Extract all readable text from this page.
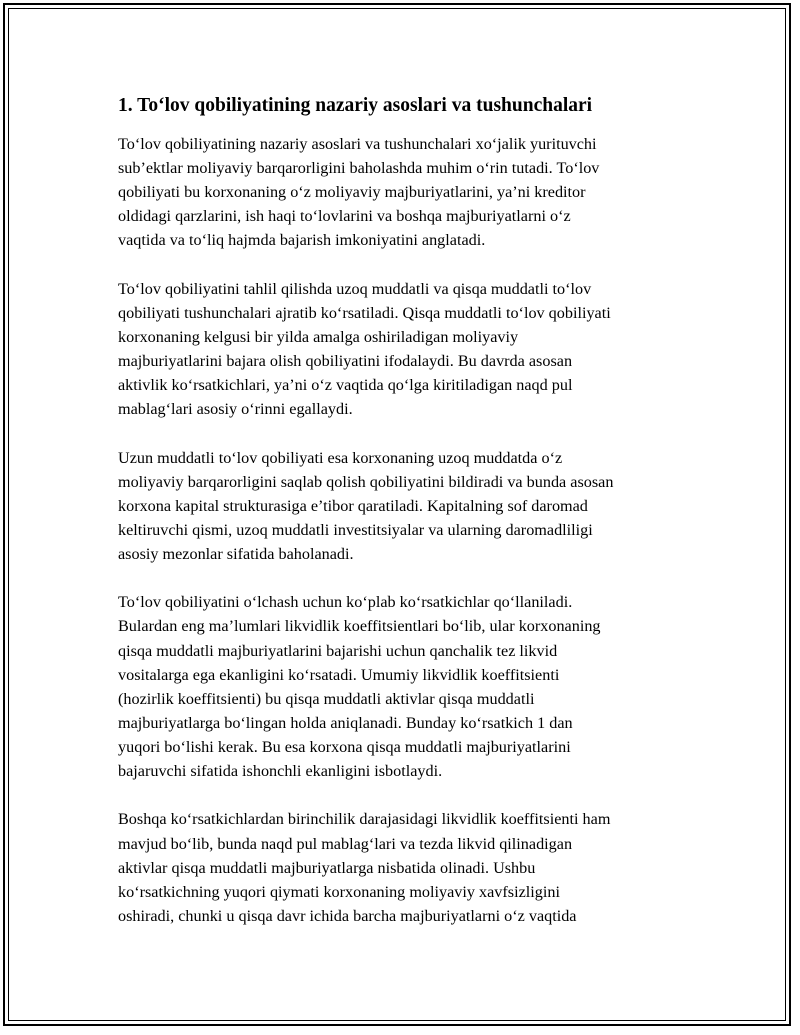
1. To‘lov qobiliyatining nazariy asoslari va tushunchalari
To‘lov qobiliyatining nazariy asoslari va tushunchalari xo‘jalik yurituvchi
sub’ektlar moliyaviy barqarorligini baholashda muhim o‘rin tutadi. To‘lov
qobiliyati bu korxonaning o‘z moliyaviy majburiyatlarini, ya’ni kreditor
oldidagi qarzlarini, ish haqi to‘lovlarini va boshqa majburiyatlarni o‘z
vaqtida va to‘liq hajmda bajarish imkoniyatini anglatadi.
To‘lov qobiliyatini tahlil qilishda uzoq muddatli va qisqa muddatli to‘lov
qobiliyati tushunchalari ajratib ko‘rsatiladi. Qisqa muddatli to‘lov qobiliyati
korxonaning kelgusi bir yilda amalga oshiriladigan moliyaviy
majburiyatlarini bajara olish qobiliyatini ifodalaydi. Bu davrda asosan
aktivlik ko‘rsatkichlari, ya’ni o‘z vaqtida qo‘lga kiritiladigan naqd pul
mablag‘lari asosiy o‘rinni egallaydi.
Uzun muddatli to‘lov qobiliyati esa korxonaning uzoq muddatda o‘z
moliyaviy barqarorligini saqlab qolish qobiliyatini bildiradi va bunda asosan
korxona kapital strukturasiga e’tibor qaratiladi. Kapitalning sof daromad
keltiruvchi qismi, uzoq muddatli investitsiyalar va ularning daromadliligi
asosiy mezonlar sifatida baholanadi.
To‘lov qobiliyatini o‘lchash uchun ko‘plab ko‘rsatkichlar qo‘llaniladi.
Bulardan eng ma’lumlari likvidlik koeffitsientlari bo‘lib, ular korxonaning
qisqa muddatli majburiyatlarini bajarishi uchun qanchalik tez likvid
vositalarga ega ekanligini ko‘rsatadi. Umumiy likvidlik koeffitsienti
(hozirlik koeffitsienti) bu qisqa muddatli aktivlar qisqa muddatli
majburiyatlarga bo‘lingan holda aniqlanadi. Bunday ko‘rsatkich 1 dan
yuqori bo‘lishi kerak. Bu esa korxona qisqa muddatli majburiyatlarini
bajaruvchi sifatida ishonchli ekanligini isbotlaydi.
Boshqa ko‘rsatkichlardan birinchilik darajasidagi likvidlik koeffitsienti ham
mavjud bo‘lib, bunda naqd pul mablag‘lari va tezda likvid qilinadigan
aktivlar qisqa muddatli majburiyatlarga nisbatida olinadi. Ushbu
ko‘rsatkichning yuqori qiymati korxonaning moliyaviy xavfsizligini
oshiradi, chunki u qisqa davr ichida barcha majburiyatlarni o‘z vaqtida
